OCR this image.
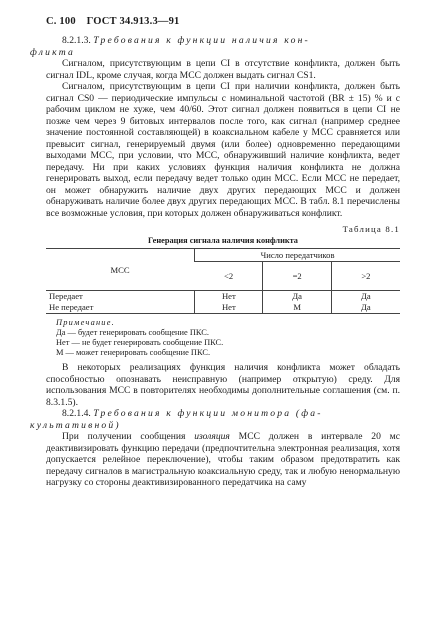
С. 100 ГОСТ 34.913.3—91

8.2.1.3. Требования к функции наличия кон-
фликта

Сигналом, присутствующим в цепи CI в отсутствие конфликта, должен быть сигнал IDL, кроме случая, когда МСС должен выдать сигнал CS1.

Сигналом, присутствующим в цепи CI при наличии конфликта, должен быть сигнал CS0 — периодические импульсы с номинальной частотой (BR ± 15) % и с рабочим циклом не хуже, чем 40/60. Этот сигнал должен появиться в цепи CI не позже чем через 9 битовых интервалов после того, как сигнал (например среднее значение постоянной составляющей) в коаксиальном кабеле у МСС сравняется или превысит сигнал, генерируемый двумя (или более) одновременно передающими выходами МСС, при условии, что МСС, обнаруживший наличие конфликта, ведет передачу. Ни при каких условиях функция наличия конфликта не должна генерировать выход, если передачу ведет только один МСС. Если МСС не передает, он может обнаружить наличие двух других передающих МСС и должен обнаруживать наличие более двух других передающих МСС. В табл. 8.1 перечислены все возможные условия, при которых должен обнаруживаться конфликт.

Таблица 8.1
Генерация сигнала наличия конфликта
МСС	Число передатчиков		
	<2	=2	>2
Передает	Нет	Да	Да
Не передает	Нет	М	Да
Примечание.
Да — будет генерировать сообщение ПКС.
Нет — не будет генерировать сообщение ПКС.
М — может генерировать сообщение ПКС.

В некоторых реализациях функция наличия конфликта может обладать способностью опознавать неисправную (например открытую) среду. Для использования МСС в повторителях необходимы дополнительные соглашения (см. п. 8.3.1.5).

8.2.1.4. Требования к функции монитора (фа-
культативной)

При получении сообщения изоляция МСС должен в интервале 20 мс деактивизировать функцию передачи (предпочтительна электронная реализация, хотя допускается релейное переключение), чтобы таким образом предотвратить как передачу сигналов в магистральную коаксиальную среду, так и любую ненормальную нагрузку со стороны деактивизированного передатчика на саму
